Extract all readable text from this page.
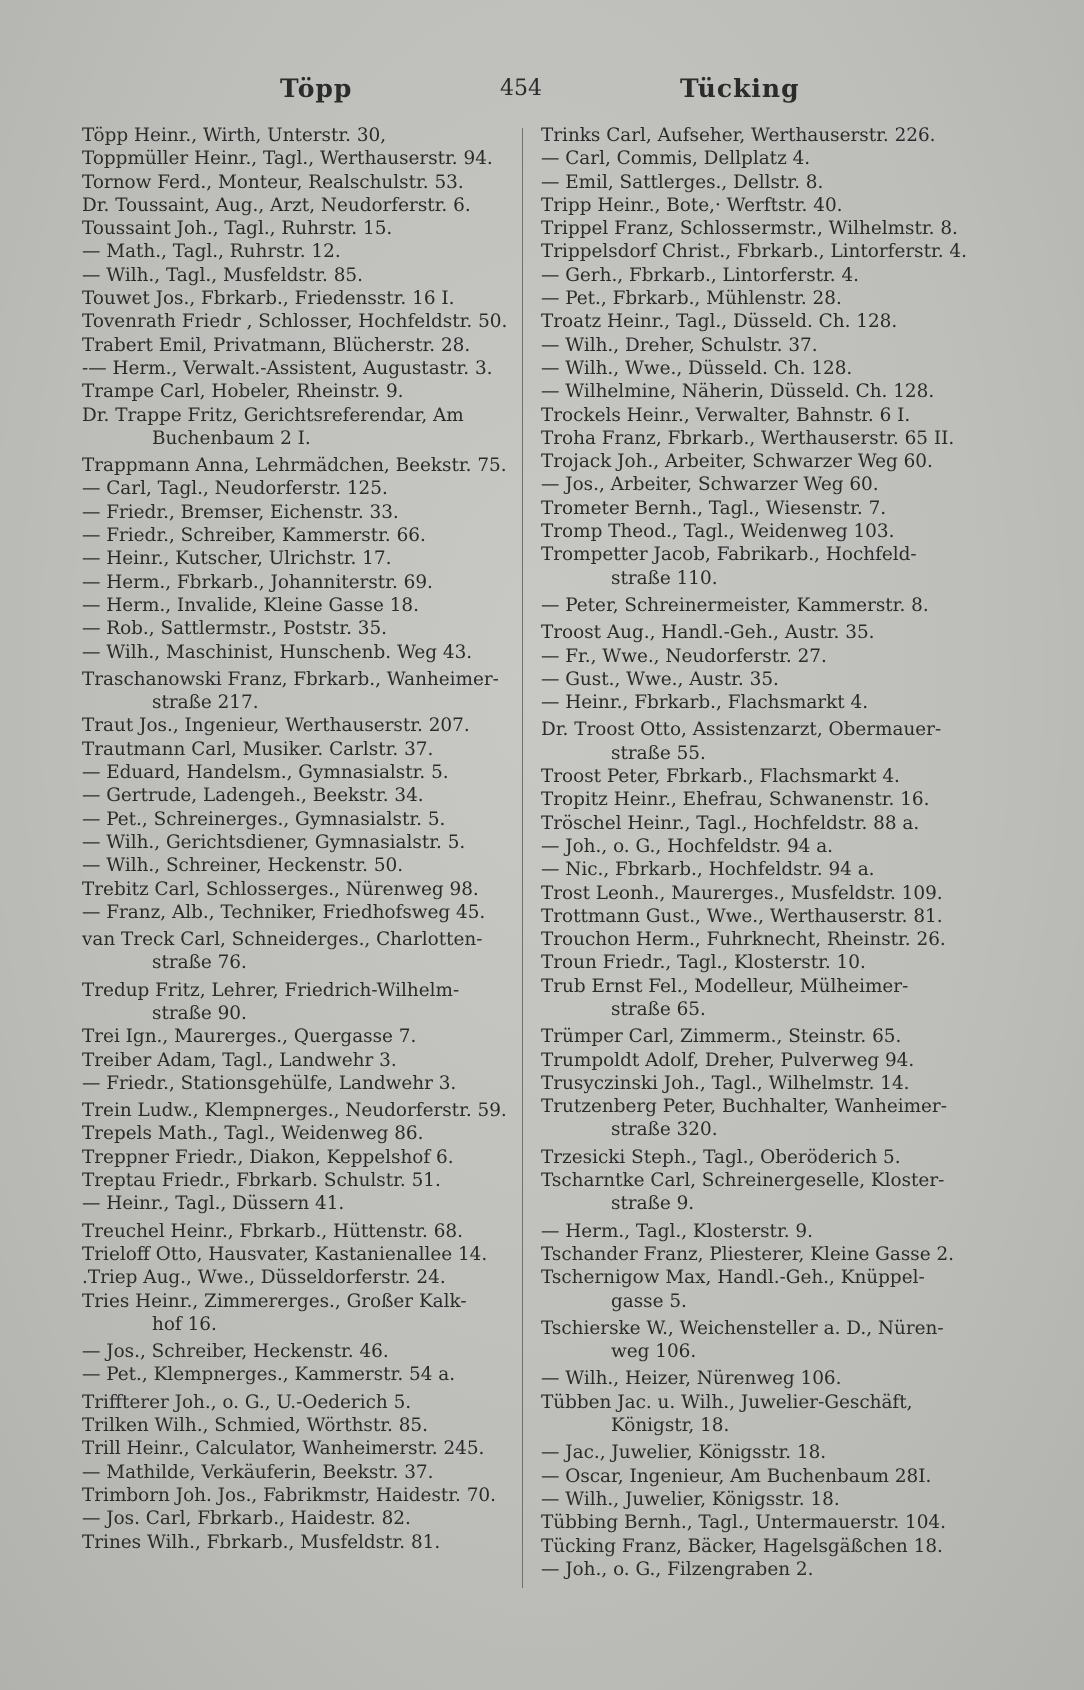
Töpp	454	Tücking
Töpp Heinr., Wirth, Unterstr. 30,
Toppmüller Heinr., Tagl., Werthauserstr. 94.
Tornow Ferd., Monteur, Realschulstr. 53.
Dr. Toussaint, Aug., Arzt, Neudorferstr. 6.
Toussaint Joh., Tagl., Ruhrstr. 15.
— Math., Tagl., Ruhrstr. 12.
— Wilh., Tagl., Musfeldstr. 85.
Touwet Jos., Fbrkarb., Friedensstr. 16 I.
Tovenrath Friedr , Schlosser, Hochfeldstr. 50.
Trabert Emil, Privatmann, Blücherstr. 28.
-— Herm., Verwalt.-Assistent, Augustastr. 3.
Trampe Carl, Hobeler, Rheinstr. 9.
Dr. Trappe Fritz, Gerichtsreferendar, Am
Buchenbaum 2 I.
Trappmann Anna, Lehrmädchen, Beekstr. 75.
— Carl, Tagl., Neudorferstr. 125.
— Friedr., Bremser, Eichenstr. 33.
— Friedr., Schreiber, Kammerstr. 66.
— Heinr., Kutscher, Ulrichstr. 17.
— Herm., Fbrkarb., Johanniterstr. 69.
— Herm., Invalide, Kleine Gasse 18.
— Rob., Sattlermstr., Poststr. 35.
— Wilh., Maschinist, Hunschenb. Weg 43.
Traschanowski Franz, Fbrkarb., Wanheimer-
straße 217.
Traut Jos., Ingenieur, Werthauserstr. 207.
Trautmann Carl, Musiker. Carlstr. 37.
— Eduard, Handelsm., Gymnasialstr. 5.
— Gertrude, Ladengeh., Beekstr. 34.
— Pet., Schreinerges., Gymnasialstr. 5.
— Wilh., Gerichtsdiener, Gymnasialstr. 5.
— Wilh., Schreiner, Heckenstr. 50.
Trebitz Carl, Schlosserges., Nürenweg 98.
— Franz, Alb., Techniker, Friedhofsweg 45.
van Treck Carl, Schneiderges., Charlotten-
straße 76.
Tredup Fritz, Lehrer, Friedrich-Wilhelm-
straße 90.
Trei Ign., Maurerges., Quergasse 7.
Treiber Adam, Tagl., Landwehr 3.
— Friedr., Stationsgehülfe, Landwehr 3.
Trein Ludw., Klempnerges., Neudorferstr. 59.
Trepels Math., Tagl., Weidenweg 86.
Treppner Friedr., Diakon, Keppelshof 6.
Treptau Friedr., Fbrkarb. Schulstr. 51.
— Heinr., Tagl., Düssern 41.
Treuchel Heinr., Fbrkarb., Hüttenstr. 68.
Trieloff Otto, Hausvater, Kastanienallee 14.
.Triep Aug., Wwe., Düsseldorferstr. 24.
Tries Heinr., Zimmererges., Großer Kalk-
hof 16.
— Jos., Schreiber, Heckenstr. 46.
— Pet., Klempnerges., Kammerstr. 54 a.
Triffterer Joh., o. G., U.-Oederich 5.
Trilken Wilh., Schmied, Wörthstr. 85.
Trill Heinr., Calculator, Wanheimerstr. 245.
— Mathilde, Verkäuferin, Beekstr. 37.
Trimborn Joh. Jos., Fabrikmstr, Haidestr. 70.
— Jos. Carl, Fbrkarb., Haidestr. 82.
Trines Wilh., Fbrkarb., Musfeldstr. 81.
Trinks Carl, Aufseher, Werthauserstr. 226.
— Carl, Commis, Dellplatz 4.
— Emil, Sattlerges., Dellstr. 8.
Tripp Heinr., Bote,· Werftstr. 40.
Trippel Franz, Schlossermstr., Wilhelmstr. 8.
Trippelsdorf Christ., Fbrkarb., Lintorferstr. 4.
— Gerh., Fbrkarb., Lintorferstr. 4.
— Pet., Fbrkarb., Mühlenstr. 28.
Troatz Heinr., Tagl., Düsseld. Ch. 128.
— Wilh., Dreher, Schulstr. 37.
— Wilh., Wwe., Düsseld. Ch. 128.
— Wilhelmine, Näherin, Düsseld. Ch. 128.
Trockels Heinr., Verwalter, Bahnstr. 6 I.
Troha Franz, Fbrkarb., Werthauserstr. 65 II.
Trojack Joh., Arbeiter, Schwarzer Weg 60.
— Jos., Arbeiter, Schwarzer Weg 60.
Trometer Bernh., Tagl., Wiesenstr. 7.
Tromp Theod., Tagl., Weidenweg 103.
Trompetter Jacob, Fabrikarb., Hochfeld-
straße 110.
— Peter, Schreinermeister, Kammerstr. 8.
Troost Aug., Handl.-Geh., Austr. 35.
— Fr., Wwe., Neudorferstr. 27.
— Gust., Wwe., Austr. 35.
— Heinr., Fbrkarb., Flachsmarkt 4.
Dr. Troost Otto, Assistenzarzt, Obermauer-
straße 55.
Troost Peter, Fbrkarb., Flachsmarkt 4.
Tropitz Heinr., Ehefrau, Schwanenstr. 16.
Tröschel Heinr., Tagl., Hochfeldstr. 88 a.
— Joh., o. G., Hochfeldstr. 94 a.
— Nic., Fbrkarb., Hochfeldstr. 94 a.
Trost Leonh., Maurerges., Musfeldstr. 109.
Trottmann Gust., Wwe., Werthauserstr. 81.
Trouchon Herm., Fuhrknecht, Rheinstr. 26.
Troun Friedr., Tagl., Klosterstr. 10.
Trub Ernst Fel., Modelleur, Mülheimer-
straße 65.
Trümper Carl, Zimmerm., Steinstr. 65.
Trumpoldt Adolf, Dreher, Pulverweg 94.
Trusyczinski Joh., Tagl., Wilhelmstr. 14.
Trutzenberg Peter, Buchhalter, Wanheimer-
straße 320.
Trzesicki Steph., Tagl., Oberöderich 5.
Tscharntke Carl, Schreinergeselle, Kloster-
straße 9.
— Herm., Tagl., Klosterstr. 9.
Tschander Franz, Pliesterer, Kleine Gasse 2.
Tschernigow Max, Handl.-Geh., Knüppel-
gasse 5.
Tschierske W., Weichensteller a. D., Nüren-
weg 106.
— Wilh., Heizer, Nürenweg 106.
Tübben Jac. u. Wilh., Juwelier-Geschäft,
Königstr, 18.
— Jac., Juwelier, Königsstr. 18.
— Oscar, Ingenieur, Am Buchenbaum 28I.
— Wilh., Juwelier, Königsstr. 18.
Tübbing Bernh., Tagl., Untermauerstr. 104.
Tücking Franz, Bäcker, Hagelsgäßchen 18.
— Joh., o. G., Filzengraben 2.
